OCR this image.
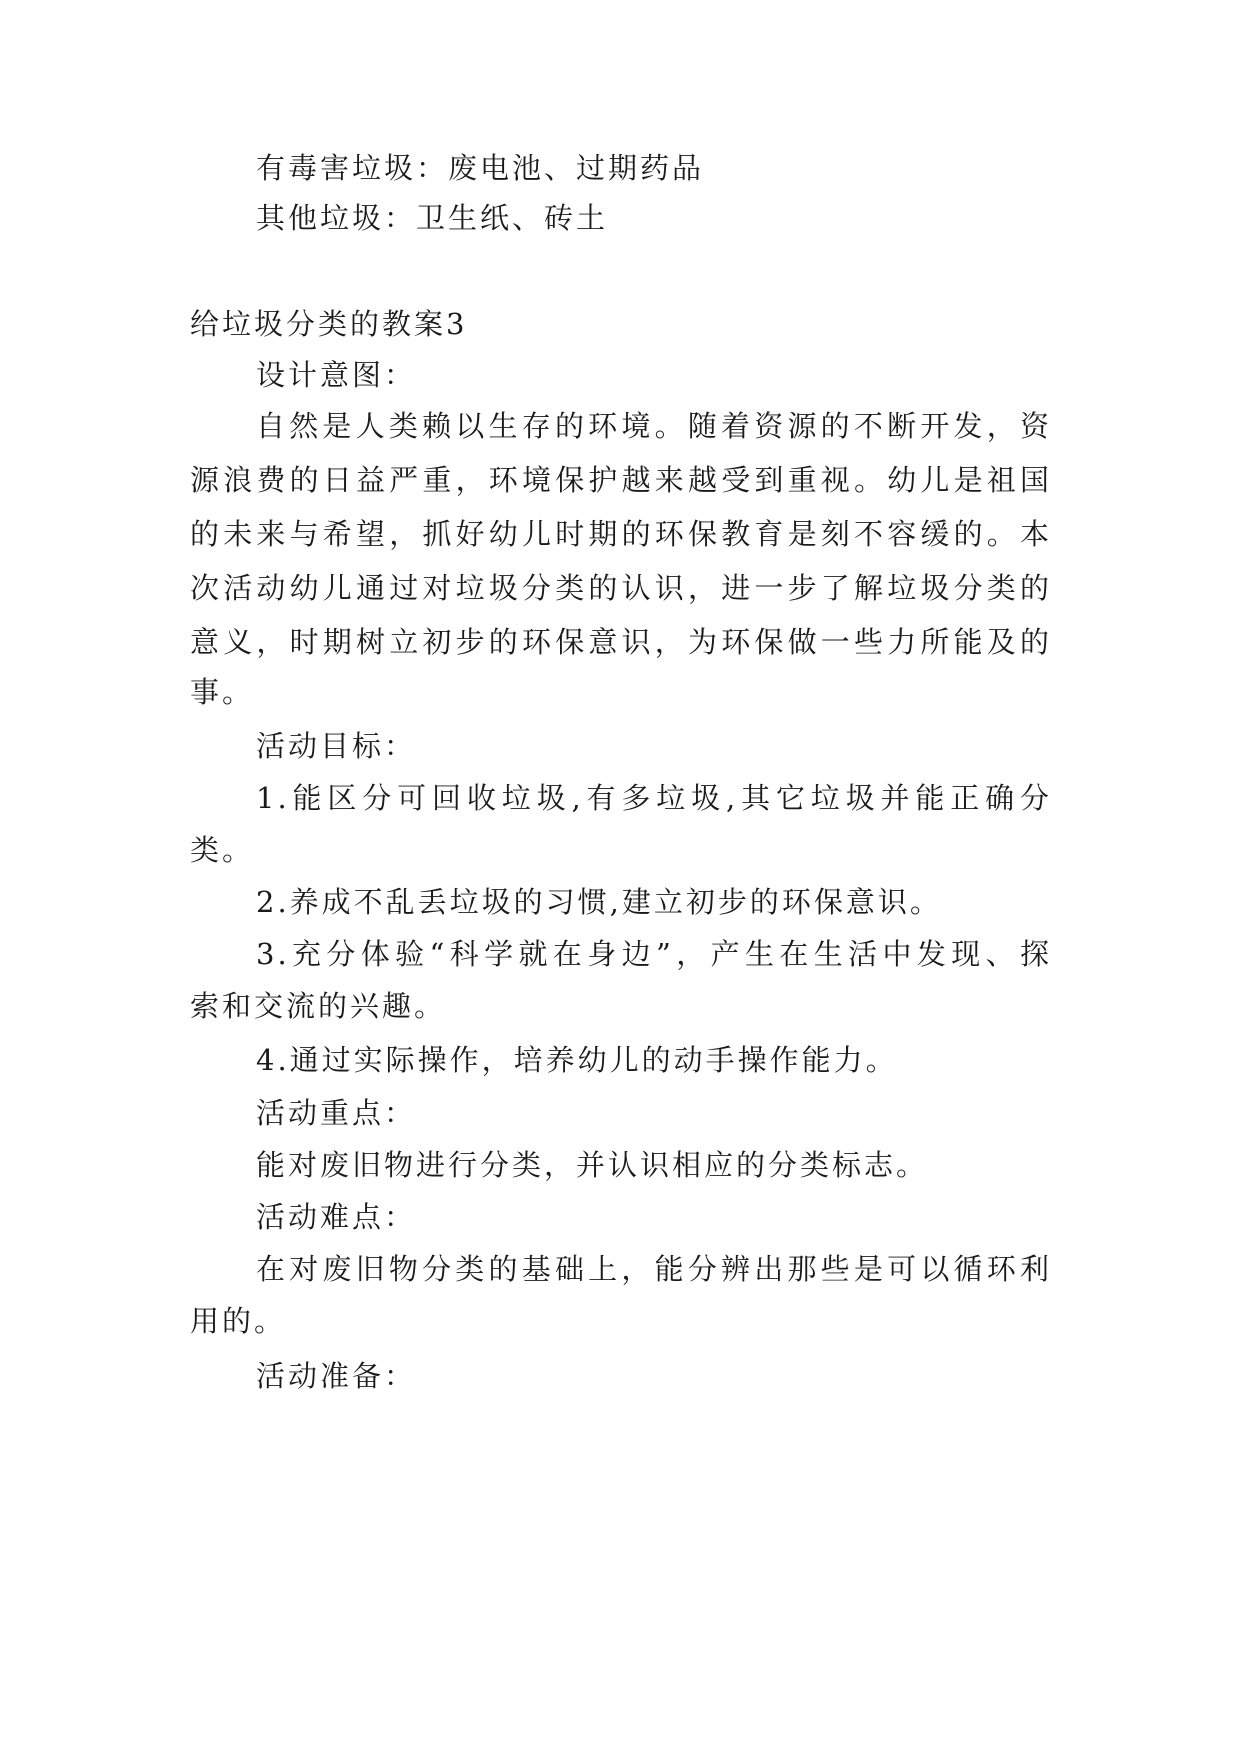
有毒害垃圾：废电池、过期药品
其他垃圾：卫生纸、砖土
给垃圾分类的教案3
设计意图：
自然是人类赖以生存的环境。随着资源的不断开发，资
源浪费的日益严重，环境保护越来越受到重视。幼儿是祖国
的未来与希望，抓好幼儿时期的环保教育是刻不容缓的。本
次活动幼儿通过对垃圾分类的认识，进一步了解垃圾分类的
意义，时期树立初步的环保意识，为环保做一些力所能及的
事。
活动目标：
1.能区分可回收垃圾,有多垃圾,其它垃圾并能正确分
类。
2.养成不乱丢垃圾的习惯,建立初步的环保意识。
3.充分体验“科学就在身边”，产生在生活中发现、探
索和交流的兴趣。
4.通过实际操作，培养幼儿的动手操作能力。
活动重点：
能对废旧物进行分类，并认识相应的分类标志。
活动难点：
在对废旧物分类的基础上，能分辨出那些是可以循环利
用的。
活动准备：
